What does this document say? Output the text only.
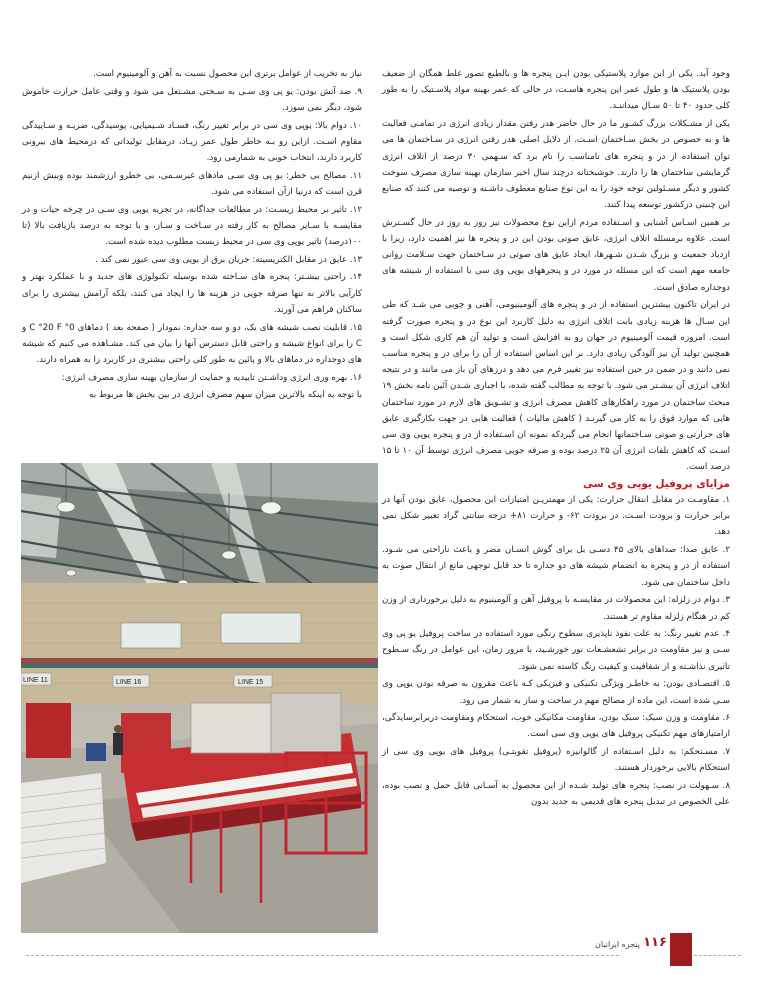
وجود آید. یکی از این موارد پلاستیکی بودن ایـن پنجره ها و بالطبع تصور غلط همگان از ضعیف بودن پلاستیک ها و طول عمر این پنجره هاسـت، در حالی که عمر بهینه مواد پلاسـتیک را به طور کلی حدود ۴۰ تا ۵۰ سـال میداننـد.

یکی از مشـکلات بزرگ کشـور ما در حال حاضر هدر رفتن مقدار زیادی انرژی در تمامـی فعالیت ها و به خصوص در بخش سـاختمان اسـت. از دلایل اصلی هدر رفتن انرژی در سـاختمان ها می توان استفاده از در و پنجره های نامناسب را نام برد که سـهمی ۳۰ درصد از اتلاف انرژی گرمایشی ساختمان ها را دارند. خوشبختانه درچند سال اخیر سازمان بهینه سازی مصرف سوخت کشور و دیگر مسـئولین توجه خود را به این نوع صنایع معطوف داشـته و توصیه می کنند که صنایع این چنینی درکشور توسعه پیدا کنند.

بر همین اسـاس آشنایی و اسـتفاده مردم ازاین نوع محصولات نیز روز به روز در حال گسـترش است. علاوه برمسئله اتلاف انرژی، عایق صوتی بودن این در و پنجره ها نیز اهمیت دارد، زیرا با ازدیاد جمعیت و بزرگ شـدن شـهرها، ایجاد عایق های صوتی در سـاختمان جهت سـلامت روانی جامعه مهم است که این مسئله در مورد در و پنجرههای یوپی وی سی با استفاده از شیشه های دوجداره صادق است.

در ایران تاکنون بیشترین استفاده از در و پنجره های آلومینیومی، آهنی و چوبی می شـد که طی این سـال ها هزینه زیادی بابت اتلاف انرژی به دلیل کاربرد این نوع در و پنجره صورت گرفته است. امروزه قیمت آلومینیوم در جهان رو به افزایش است و تولید آن هم کاری شکل است و همچنین تولید آن نیز آلودگی زیادی دارد. بر این اساس استفاده از آن را برای در و پنجره مناسب نمی دانند و در ضمن در حین استفاده نیز تغییر فرم می دهد و درزهای آن باز می مانند و در نتیجه اتلاف انرژی آن بیشـتر می شود. با توجه به مطالب گفته شده، با اجباری شـدن آئین نامه بخش ۱۹ مبحث ساختمان در مورد راهکارهای کاهش مصرف انرژی و تشـویق های لازم در مورد ساختمان هایی که موارد فوق را به کار می گیرنـد ( کاهش مالیات ) فعالیت هایی در جهت بکارگیری عایق های حرارتی و صوتی سـاختمانها انجام می گیردکه نمونه ان اسـتفاده از در و پنجره یوپی وی سی اسـت که کاهش تلفات انرژی آن ۲۵ درصد بوده و صرفه جویی مصرف انرژی توسط آن ۱۰ تا ۱۵ درصد است.

مزایای پروفیل یوپی وی سی

۱. مقاومـت در مقابل انتقال حرارت: یکی از مهمتریـن امتیازات این محصول، عایق بودن آنها در برابر حرارت و برودت اسـت. در برودت ۶۲- و حرارت ۸۱+ درجه سانتی گراد تغییر شکل نمی دهد.

۲. عایق صدا: صداهای بالای ۴۵ دسـی بل برای گوش انسـان مضر و باعث ناراحتی می شـود. استفاده از در و پنجره به انضمام شیشه های دو جداره تا حد قابل توجهی مانع از انتقال صوت به داخل ساختمان می شود.

۳. دوام در زلزله: این محصولات در مقایسـه با پروفیل آهن و آلومینیوم به دلیل برخورداری از وزن کم در هنگام زلزله مقاوم تر هستند.

۴. عدم تغییر رنگ: به علت نفوذ ناپذیری سطوح رنگی مورد استفاده در ساخت پروفیل یو پی وی سـی و نیز مقاومت در برابر تشعشـعات نور خورشـید، با مرور زمان، این عوامل در رنگ سـطوح تاثیری نداشـته و از شفافیت و کیفیت رنگ کاسته نمی شود.

۵. اقتصـادی بودن: به خاطـر ویژگی تکنیکی و فیزیکی کـه باعث مقرون به صرفه بودن یوپی وی سـی شده است، این ماده از مصالح مهم در ساخت و ساز به شمار می رود.

۶. مقاومت و وزن سبک: سبک بودن، مقاومت مکانیکی خوب، استحکام ومقاومت دربرابرسایدگی، ازامتیازهای مهم تکنیکی پروفیل های یوپی وی سی است.

۷. مسـتحکم: به دلیل اسـتفاده از گالوانیزه (پروفیل تقویتـی) پروفیل های یوپی وی سی از استحکام بالایی برخوردار هستند.

۸. سـهولت در نصب: پنجره های تولید شـده از این محصول به آسـانی قابل حمل و نصب بوده، علی الخصوص در تبدیل پنجره های قدیمی به جدید بدون

نیاز به تخریب از عوامل برتری این محصول نسبت به آهن و آلومینیوم است.

۹. ضد آتش بودن: یو پی وی سـی به سـختی مشـتعل می شود و وقتی عامل حرارت خاموش شود، دیگر نمی سوزد.

۱۰. دوام بالا: یوپی وی سی در برابر تغییر رنگ، فسـاد شـیمیایی، پوسیدگی، ضربـه و سـاییدگی مقاوم اسـت. ازاین رو بـه خاطر طول عمر زیـاد، درمقابل تولیداتی که درمحیط های بیرونی کاربرد دارند، انتخاب خوبی به شمارمی رود.

۱۱. مصالح بی خطر: یو پی وی سـی مادهای غیرسـمی، بی خطرو ارزشمند بوده وبیش ازنیم قرن است که درنیا ازآن استفاده می شود.

۱۲. تاثیر بر محیط زیسـت: در مطالعات جداگانه، در تجزیه یوپی وی سـی در چرخه حیات و در مقایسـه با سـایر مصالح به کار رفته در سـاخت و سـاز، و با توجه به درصد بازیافت بالا (تا ۱۰۰درصد) تاثیر یوپی وی سی در محیط زیست مطلوب دیده شده است.

۱۳. عایق در مقابل الکتریسیته: جریان برق از یوپی وی سی عبور نمی کند .

۱۴. راحتی بیشـتر: پنجره های سـاخته شده بوسیله تکنولوژی های جدید و با عملکرد بهتر و کارآیی بالاتر نه تنها صرفه جویی در هزینه ها را ایجاد می کنند، بلکه آرامش بیشتری را برای ساکنان فراهم می آورند.

۱۵. قابلیت نصب شیشه های یک، دو و سه جداره: نمودار ( صفحه بعد ) دماهای C °20 F °0 و C را برای انواع شیشه و راحتی قابل دسترس آنها را بیان می کند. مشـاهده می کنیم که شیشه های دوجداره در دماهای بالا و پائین به طور کلی راحتی بیشتری در کاربرد را به همراه دارند.

۱۶. بهره وری انرژی وداشـتن تاییدیه و حمایت از سازمان بهینه سازی مصرف انرژی:

با توجه به اینکه بالاترین میزان سهم مصرف انرژی در بین بخش ها مربوط به

LINE 11	LINE 16	LINE 15
۱۱۶
پنجره ایرانیان
